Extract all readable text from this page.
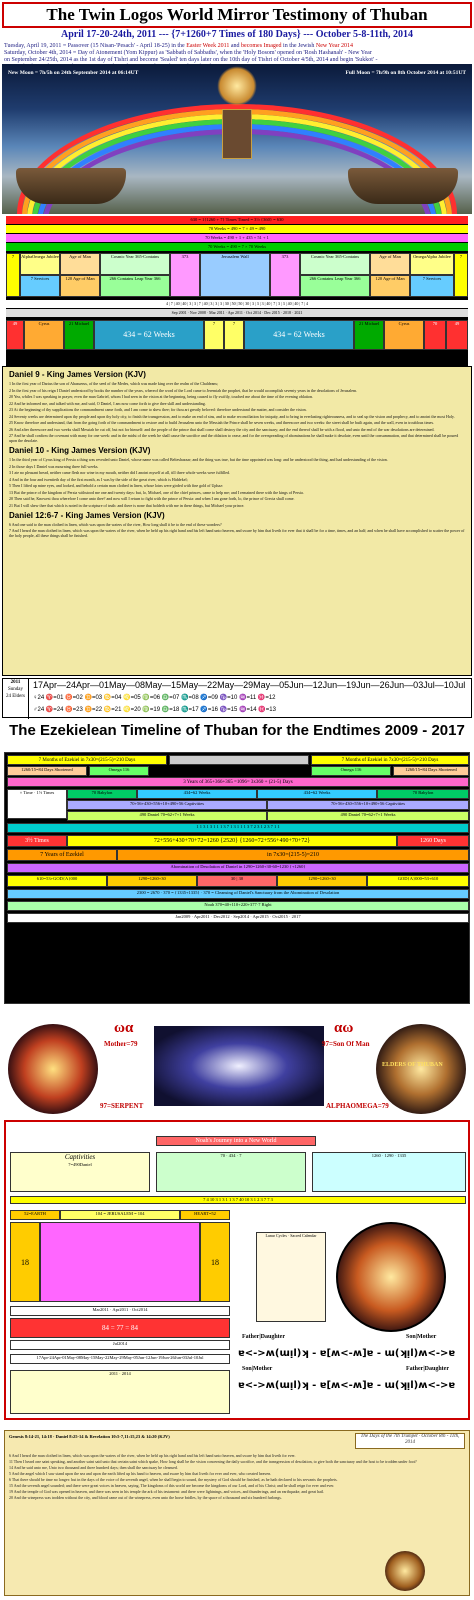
The Twin Logos World Mirror Testimony of Thuban
April 17-20-24th, 2011 --- {7+1260+7 Times of 180 Days} --- October 5-8-11th, 2014
Tuesday, April 19, 2011 = Passover (15 Nisan-'Pesach' - April 18-25) in the Easter Week 2011 and becomes Imaged in the Jewish New Year 2014
Saturday, October 4th, 2014 = Day of Atonement (Yom Kippur) as 'Sabbath of Sabbaths', when the 'Holy Bosom' opened on 'Rosh Hashanah' - New Year
on September 24/25th, 2014 as the 1st day of Tishri and become 'Sealed' ten days later on the 10th day of Tishri of October 4/5th, 2014 and begin 'Sukkot' -
New Moon = 7h/5h on 24th September 2014 at 06:14UT	Full Moon = 7h/9h on 8th October 2014 at 10:51UT
630 = 1{1260 + 7} Times Timed = 3½ {360} = 630
70 Weeks = 490 = 7 × 49 = 490
70 Weeks = 490 + 1 + 435 + 51 + 1
70 Weeks = 490 = 7 × 70 Weeks
7	AlphaOmega Jubilee	Age of Man	Cosmic Year 365-Contains	373	Jerusalem Wall	373	Cosmic Year 365-Contains	Age of Man	OmegaAlpha Jubilee	7
7 Services	120 Age of Man	266 Contains Leap Year 366	266 Contains Leap Year 366	120 Age of Man	7 Services
4 | 7 | 40 | 40 | 3 | 3 | 7 | 40 | 3 | 3 | 3 | 30 | 50 | 50 | 30 | 3 | 3 | 3 | 40 | 7 | 3 | 3 | 40 | 40 | 7 | 4
Sep 2001 · Nov 2008 · Mar 2011 · Apr 2011 · Oct 2014 · Dec 2015 · 2018 · 2021
49	Cyrus	21 Michael
434 = 62 Weeks
7	7
434 = 62 Weeks
21 Michael	Cyrus	70	49
Daniel 9 - King James Version (KJV)

1 In the first year of Darius the son of Ahasuerus, of the seed of the Medes, which was made king over the realm of the Chaldeans;

2 In the first year of his reign I Daniel understood by books the number of the years, whereof the word of the Lord came to Jeremiah the prophet, that he would accomplish seventy years in the desolations of Jerusalem.

20 Yea, whiles I was speaking in prayer, even the man Gabriel, whom I had seen in the vision at the beginning, being caused to fly swiftly, touched me about the time of the evening oblation.

22 And he informed me, and talked with me, and said, O Daniel, I am now come forth to give thee skill and understanding.

23 At the beginning of thy supplications the commandment came forth, and I am come to shew thee; for thou art greatly beloved: therefore understand the matter, and consider the vision.

24 Seventy weeks are determined upon thy people and upon thy holy city, to finish the transgression, and to make an end of sins, and to make reconciliation for iniquity, and to bring in everlasting righteousness, and to seal up the vision and prophecy, and to anoint the most Holy.

25 Know therefore and understand, that from the going forth of the commandment to restore and to build Jerusalem unto the Messiah the Prince shall be seven weeks, and threescore and two weeks: the street shall be built again, and the wall, even in troublous times.

26 And after threescore and two weeks shall Messiah be cut off, but not for himself: and the people of the prince that shall come shall destroy the city and the sanctuary; and the end thereof shall be with a flood, and unto the end of the war desolations are determined.

27 And he shall confirm the covenant with many for one week: and in the midst of the week he shall cause the sacrifice and the oblation to cease, and for the overspreading of abominations he shall make it desolate, even until the consummation, and that determined shall be poured upon the desolate.

Daniel 10 - King James Version (KJV)

1 In the third year of Cyrus king of Persia a thing was revealed unto Daniel, whose name was called Belteshazzar; and the thing was true, but the time appointed was long: and he understood the thing, and had understanding of the vision.

2 In those days I Daniel was mourning three full weeks.

3 I ate no pleasant bread, neither came flesh nor wine in my mouth, neither did I anoint myself at all, till three whole weeks were fulfilled.

4 And in the four and twentieth day of the first month, as I was by the side of the great river, which is Hiddekel;

5 Then I lifted up mine eyes, and looked, and behold a certain man clothed in linen, whose loins were girded with fine gold of Uphaz:

13 But the prince of the kingdom of Persia withstood me one and twenty days: but, lo, Michael, one of the chief princes, came to help me; and I remained there with the kings of Persia.

20 Then said he, Knowest thou wherefore I come unto thee? and now will I return to fight with the prince of Persia: and when I am gone forth, lo, the prince of Grecia shall come.

21 But I will shew thee that which is noted in the scripture of truth: and there is none that holdeth with me in these things, but Michael your prince.

Daniel 12:6-7 - King James Version (KJV)

6 And one said to the man clothed in linen, which was upon the waters of the river, How long shall it be to the end of these wonders?

7 And I heard the man clothed in linen, which was upon the waters of the river, when he held up his right hand and his left hand unto heaven, and sware by him that liveth for ever that it shall be for a time, times, and an half; and when he shall have accomplished to scatter the power of the holy people, all these things shall be finished.

2011
Sunday
24 Elders
17Apr—24Apr—01May—08May—15May—22May—29May—05Jun—12Jun—19Jun—26Jun—03Jul—10Jul
♀24 ♈=01 ♉=02 ♊=03 ♋=04 ♌=05 ♍=06 ♎=07 ♏=08 ♐=09 ♑=10 ♒=11 ♓=12
♂24 ♈=24 ♉=23 ♊=22 ♋=21 ♌=20 ♍=19 ♎=18 ♏=17 ♐=16 ♑=15 ♒=14 ♓=13
The Ezekielean Timeline of Thuban for the Endtimes 2009 - 2017
7 Months of Ezekiel in 7x30=(215-5)=210 Days	7 Months of Ezekiel in 7x30=(215-5)=210 Days
1260/15=84 Days Shortened	Omega 116	Omega 116	1260/15=84 Days Shortened
3 Years of 365+366+365 =1096= 3x360 + (21-5) Days
× Time · 1½ Times	70 Babylon	434=62 Weeks	434=62 Weeks	70 Babylon
70+56+430+556+10+490+56 Captivities	70+56+430+556+10+490+56 Captivities
490 Daniel 70=62+7+1 Weeks	490 Daniel 70=62+7+1 Weeks
1 1 3 1 3 1 1 1 3 7 1 3 1 1 1 3 7 2 3 1 2 3 7 1 1
3½ Times	72+556+430+70+72=1260 {2520} {1260=72+556+490+70+72}	1260 Days
7 Years of Ezekiel	in 7x30=(215-5)=210
Abomination of Desolation of Daniel in 1290=1260+30-60=1230 {+1260}
610=53+GOD{A}000	1290=1260+30	30 | 30	1290=1260+30	GOD{A}000=53+610
2300 = 2670 · 370 = {1335+1335} · 370 = Cleansing of Daniel's Sanctuary from the Abomination of Desolation
Noah 370=40+110+220+377·7 Right
Jan2009 · Apr2011 · Dec2012 · Sep2014 · Apr2015 · Oct2015 · 2017
ωα	αω
Mother=79	97=Son Of Man
97=SERPENT	ALPHAOMEGA=79
ELDERS OF THUBAN
Noah's Journey into a New World
Captivities
7=490Daniel
70 · 434 · 7	1260 · 1290 · 1335
7 4 10 3 1 3 1 1 3 7 40 10 3 1 2 3 7 7 3
52=EARTH	104 = JERUSALEM = 104	HEART=52
18	18
Mar2011 · Apr2011 · Oct2014
84 = 77 = 84
Jul2014
Lunar Cycles · Sacred Calendar
17Apr-24Apr-01May-08May-15May-22May-29May-05Jun-12Jun-19Jun-26Jun-03Jul-10Jul
Father|Daughter	Son|Mother
ɐ<->ʍ(ɯᴉl)ʞ - ɐ[ʍ<-ʍ]ɐ - ɯ(ʞᴉl)ʍ<->ɐ
Son|Mother	Father|Daughter
ɐ<->ʍ(ɯᴉl)ʞ - ɐ[ʍ<-ʍ]ɐ - ɯ(ʞᴉl)ʍ<->ɐ
2011 · 2014
Genesis 8:14-21, 14:18 · Daniel 8:25-14 & Revelation 10:5-7,11:15,23 & 14:20 (KJV)	The Days of the 7th Trumpet · October 8th - 11th, 2014

6 And I heard the man clothed in linen, which was upon the waters of the river, when he held up his right hand and his left hand unto heaven, and sware by him that liveth for ever.

11 Then I heard one saint speaking, and another saint said unto that certain saint which spake, How long shall be the vision concerning the daily sacrifice, and the transgression of desolation, to give both the sanctuary and the host to be trodden under foot?

14 And he said unto me, Unto two thousand and three hundred days; then shall the sanctuary be cleansed.

5 And the angel which I saw stand upon the sea and upon the earth lifted up his hand to heaven, and sware by him that liveth for ever and ever, who created heaven.

6 That there should be time no longer: but in the days of the voice of the seventh angel, when he shall begin to sound, the mystery of God should be finished, as he hath declared to his servants the prophets.

15 And the seventh angel sounded; and there were great voices in heaven, saying, The kingdoms of this world are become the kingdoms of our Lord, and of his Christ; and he shall reign for ever and ever.

19 And the temple of God was opened in heaven, and there was seen in his temple the ark of his testament: and there were lightnings, and voices, and thunderings, and an earthquake, and great hail.

20 And the winepress was trodden without the city, and blood came out of the winepress, even unto the horse bridles, by the space of a thousand and six hundred furlongs.
